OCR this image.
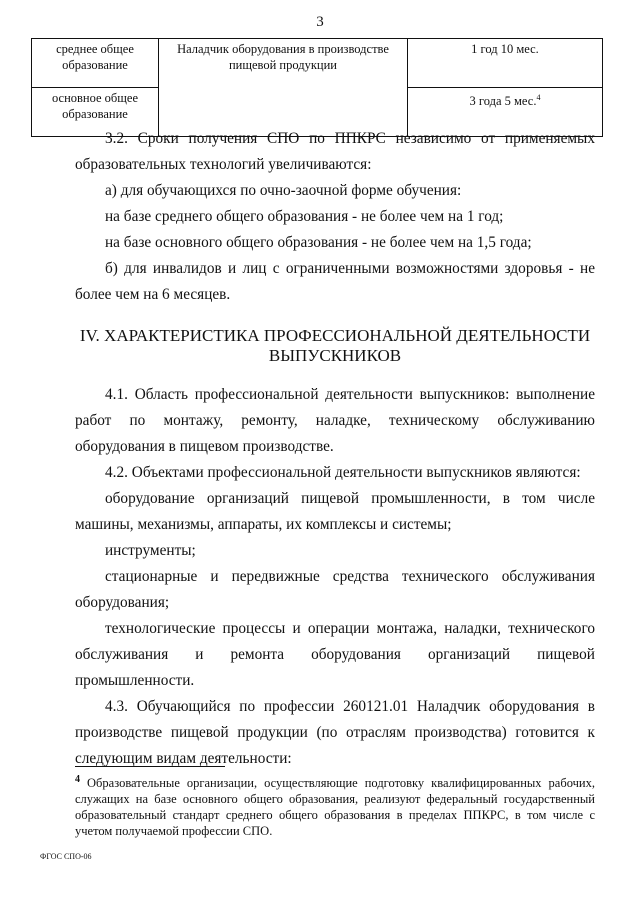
3
среднее общее образование	Наладчик оборудования в производстве пищевой продукции	1 год 10 мес.
основное общее образование		3 года 5 мес.$^4$

3.2. Сроки получения СПО по ППКРС независимо от применяемых образовательных технологий увеличиваются:

а) для обучающихся по очно-заочной форме обучения:

на базе среднего общего образования - не более чем на 1 год;

на базе основного общего образования - не более чем на 1,5 года;

б) для инвалидов и лиц с ограниченными возможностями здоровья - не более чем на 6 месяцев.

IV. ХАРАКТЕРИСТИКА ПРОФЕССИОНАЛЬНОЙ ДЕЯТЕЛЬНОСТИ ВЫПУСКНИКОВ

4.1. Область профессиональной деятельности выпускников: выполнение работ по монтажу, ремонту, наладке, техническому обслуживанию оборудования в пищевом производстве.

4.2. Объектами профессиональной деятельности выпускников являются:

оборудование организаций пищевой промышленности, в том числе машины, механизмы, аппараты, их комплексы и системы;

инструменты;

стационарные и передвижные средства технического обслуживания оборудования;

технологические процессы и операции монтажа, наладки, технического обслуживания и ремонта оборудования организаций пищевой промышленности.

4.3. Обучающийся по профессии 260121.01 Наладчик оборудования в производстве пищевой продукции (по отраслям производства) готовится к следующим видам деятельности:

$^4$ Образовательные организации, осуществляющие подготовку квалифицированных рабочих, служащих на базе основного общего образования, реализуют федеральный государственный образовательный стандарт среднего общего образования в пределах ППКРС, в том числе с учетом получаемой профессии СПО.
ФГОС СПО-06
